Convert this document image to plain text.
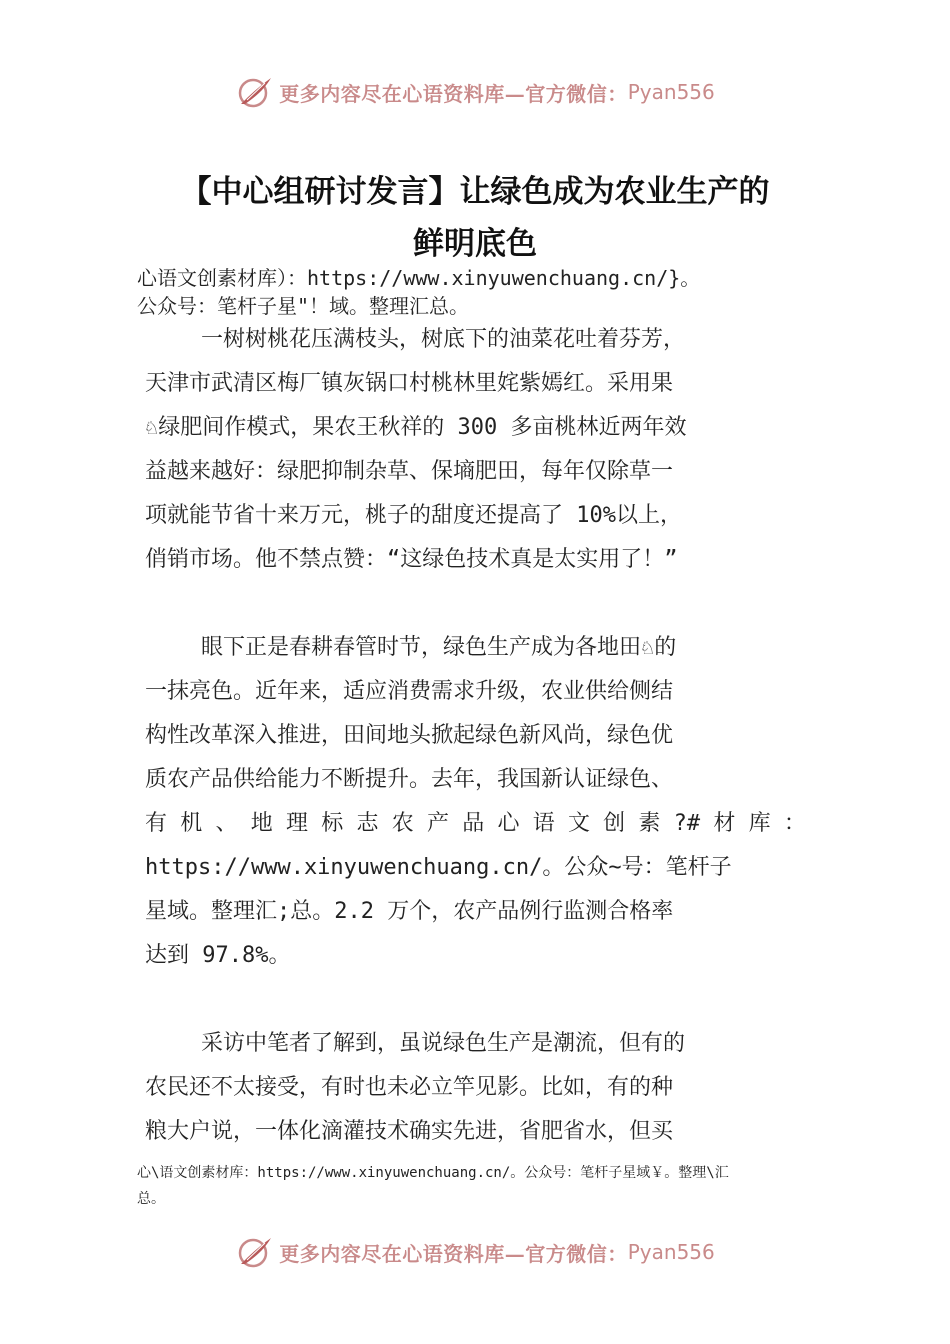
更多内容尽在心语资料库—官方微信： Pyan556
【中心组研讨发言】让绿色成为农业生产的
鲜明底色
心语文创素材库）：https://www.xinyuwenchuang.cn/}。
公众号：笔杆子星"！域。整理汇总。
一树树桃花压满枝头，树底下的油菜花吐着芬芳，
天津市武清区梅厂镇灰锅口村桃林里姹紫嫣红。采用果
♘绿肥间作模式，果农王秋祥的 300 多亩桃林近两年效
益越来越好：绿肥抑制杂草、保墒肥田，每年仅除草一
项就能节省十来万元，桃子的甜度还提高了 10%以上，
俏销市场。他不禁点赞：“这绿色技术真是太实用了！”
眼下正是春耕春管时节，绿色生产成为各地田♘的
一抹亮色。近年来，适应消费需求升级，农业供给侧结
构性改革深入推进，田间地头掀起绿色新风尚，绿色优
质农产品供给能力不断提升。去年，我国新认证绿色、
有 机 、 地 理 标 志 农 产 品 心 语 文 创 素 ?# 材 库 ：
https://www.xinyuwenchuang.cn/。公众~号：笔杆子
星域。整理汇;总。2.2 万个，农产品例行监测合格率
达到 97.8%。
采访中笔者了解到，虽说绿色生产是潮流，但有的
农民还不太接受，有时也未必立竿见影。比如，有的种
粮大户说，一体化滴灌技术确实先进，省肥省水，但买
心\语文创素材库：https://www.xinyuwenchuang.cn/。公众号：笔杆子星域￥。整理\汇
总。
更多内容尽在心语资料库—官方微信： Pyan556
